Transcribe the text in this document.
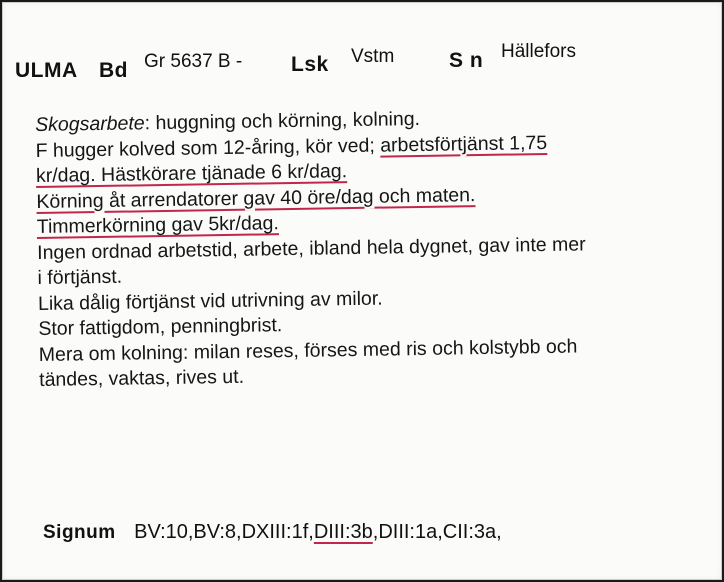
ULMA Bd Gr 5637 B - Lsk Vstm	S n Hällefors
Skogsarbete: huggning och körning, kolning.
F hugger kolved som 12-åring, kör ved; arbetsförtjänst 1,75
kr/dag. Hästkörare tjänade 6 kr/dag.
Körning åt arrendatorer gav 40 öre/dag och maten.
Timmerkörning gav 5kr/dag.
Ingen ordnad arbetstid, arbete, ibland hela dygnet, gav inte mer
i förtjänst.
Lika dålig förtjänst vid utrivning av milor.
Stor fattigdom, penningbrist.
Mera om kolning: milan reses, förses med ris och kolstybb och
tändes, vaktas, rives ut.
Signum BV:10,BV:8,DXIII:1f,DIII:3b,DIII:1a,CII:3a,
